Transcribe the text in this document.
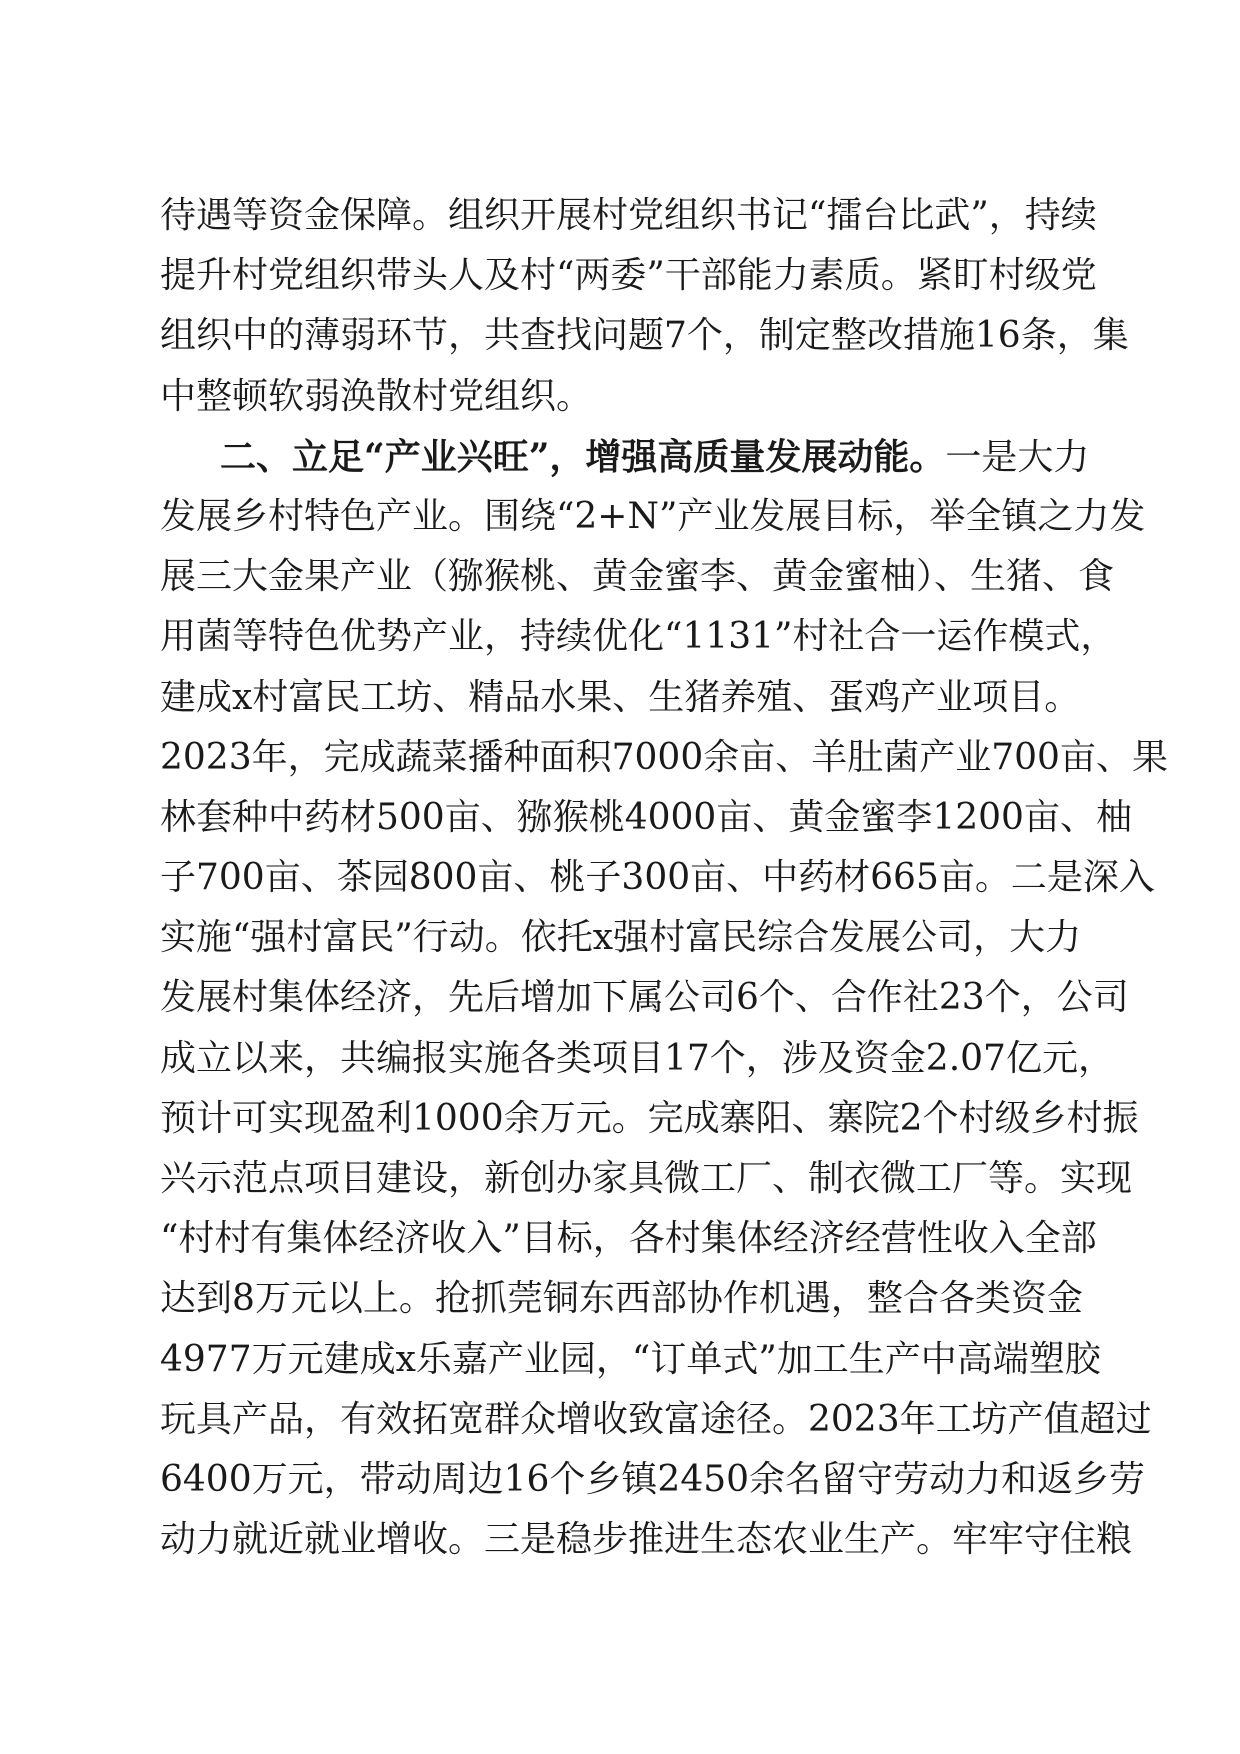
待遇等资金保障。组织开展村党组织书记“擂台比武”，持续
提升村党组织带头人及村“两委”干部能力素质。紧盯村级党
组织中的薄弱环节，共查找问题7个，制定整改措施16条，集
中整顿软弱涣散村党组织。
二、立足“产业兴旺”，增强高质量发展动能。一是大力
发展乡村特色产业。围绕“2+N”产业发展目标，举全镇之力发
展三大金果产业（猕猴桃、黄金蜜李、黄金蜜柚）、生猪、食
用菌等特色优势产业，持续优化“1131”村社合一运作模式，
建成x村富民工坊、精品水果、生猪养殖、蛋鸡产业项目。
2023年，完成蔬菜播种面积7000余亩、羊肚菌产业700亩、果
林套种中药材500亩、猕猴桃4000亩、黄金蜜李1200亩、柚
子700亩、茶园800亩、桃子300亩、中药材665亩。二是深入
实施“强村富民”行动。依托x强村富民综合发展公司，大力
发展村集体经济，先后增加下属公司6个、合作社23个，公司
成立以来，共编报实施各类项目17个，涉及资金2.07亿元，
预计可实现盈利1000余万元。完成寨阳、寨院2个村级乡村振
兴示范点项目建设，新创办家具微工厂、制衣微工厂等。实现
“村村有集体经济收入”目标，各村集体经济经营性收入全部
达到8万元以上。抢抓莞铜东西部协作机遇，整合各类资金
4977万元建成x乐嘉产业园，“订单式”加工生产中高端塑胶
玩具产品，有效拓宽群众增收致富途径。2023年工坊产值超过
6400万元，带动周边16个乡镇2450余名留守劳动力和返乡劳
动力就近就业增收。三是稳步推进生态农业生产。牢牢守住粮
